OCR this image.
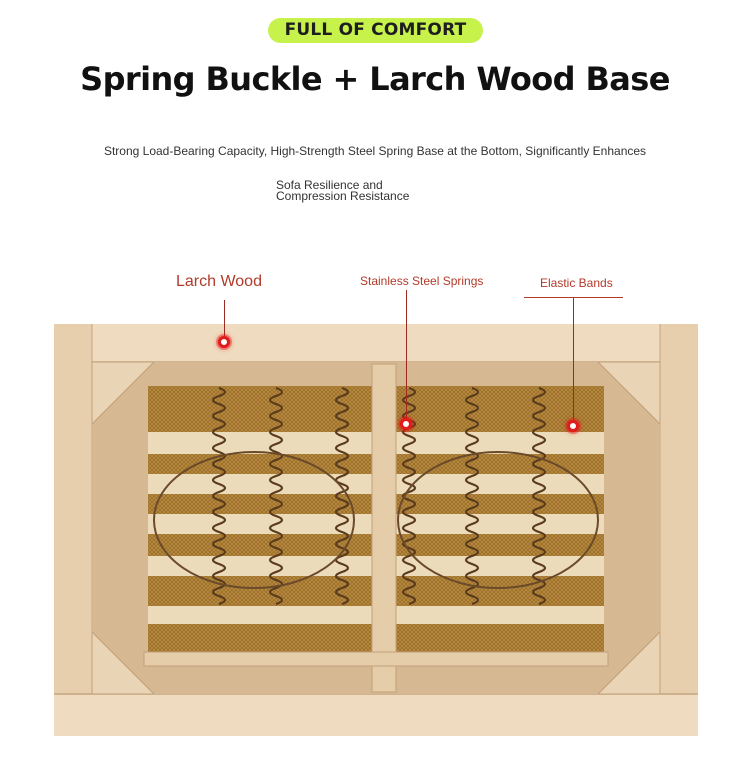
FULL OF COMFORT
Spring Buckle + Larch Wood Base
Strong Load-Bearing Capacity, High-Strength Steel Spring Base at the Bottom, Significantly Enhances
Sofa Resilience and
Compression Resistance
Larch Wood	Stainless Steel Springs	Elastic Bands
